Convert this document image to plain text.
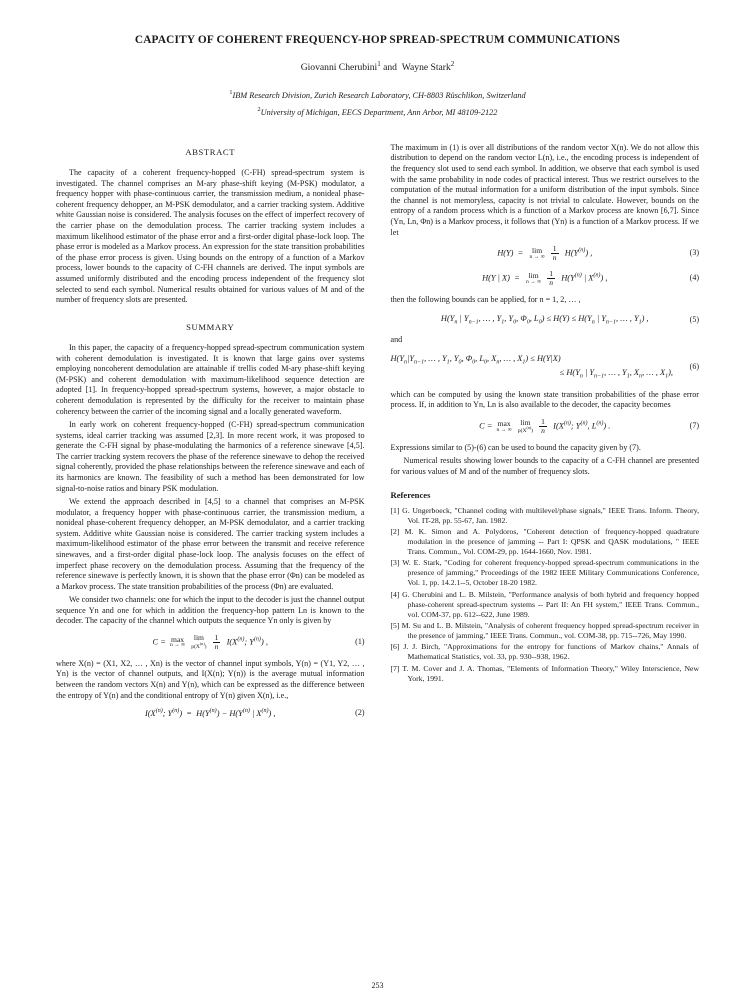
CAPACITY OF COHERENT FREQUENCY-HOP SPREAD-SPECTRUM COMMUNICATIONS
Giovanni Cherubini$^1$ and  Wayne Stark$^2$
$^1$IBM Research Division, Zurich Research Laboratory, CH-8803 Rüschlikon, Switzerland
$^2$University of Michigan, EECS Department, Ann Arbor, MI 48109-2122
ABSTRACT

The capacity of a coherent frequency-hopped (C-FH) spread-spectrum system is investigated. The channel comprises an M-ary phase-shift keying (M-PSK) modulator, a frequency hopper with phase-continuous carrier, the transmission medium, a nonideal phase-coherent frequency dehopper, an M-PSK demodulator, and a carrier tracking system. Additive white Gaussian noise is considered. The analysis focuses on the effect of imperfect recovery of the carrier phase on the demodulation process. The carrier tracking system includes a maximum likelihood estimator of the phase error and a first-order digital phase-lock loop. The phase error is modeled as a Markov process. An expression for the state transition probabilities of the phase error process is given. Using bounds on the entropy of a function of a Markov process, lower bounds to the capacity of C-FH channels are derived. The input symbols are assumed uniformly distributed and the encoding process independent of the frequency slot selected to send each symbol. Numerical results obtained for various values of M and of the number of frequency slots are presented.

SUMMARY

In this paper, the capacity of a frequency-hopped spread-spectrum communication system with coherent demodulation is investigated. It is known that large gains over systems employing noncoherent demodulation are attainable if trellis coded M-ary phase-shift keying (M-PSK) and coherent demodulation with maximum-likelihood sequence detection are adopted [1]. In frequency-hopped spread-spectrum systems, however, a major obstacle to coherent demodulation is represented by the difficulty for the receiver to maintain phase coherency between the carrier of the incoming signal and a locally generated waveform.

In early work on coherent frequency-hopped (C-FH) spread-spectrum communication systems, ideal carrier tracking was assumed [2,3]. In more recent work, it was proposed to generate the C-FH signal by phase-modulating the harmonics of a reference sinewave [4,5]. The carrier tracking system recovers the phase of the reference sinewave to dehop the received signal coherently, provided the phase relationships between the reference sinewave and each of its harmonics are known. The feasibility of such a method has been demonstrated for low signal-to-noise ratios and binary PSK modulation.

We extend the approach described in [4,5] to a channel that comprises an M-PSK modulator, a frequency hopper with phase-continuous carrier, the transmission medium, a nonideal phase-coherent frequency dehopper, an M-PSK demodulator, and a carrier tracking system. Additive white Gaussian noise is considered. The carrier tracking system includes a maximum-likelihood estimator of the phase error between the transmit and receive reference sinewaves, and a first-order digital phase-lock loop. The analysis focuses on the effect of imperfect phase recovery on the demodulation process. Assuming that the frequency of the reference sinewave is perfectly known, it is shown that the phase error (Φn) can be modeled as a Markov process. The state transition probabilities of the process (Φn) are evaluated.

We consider two channels: one for which the input to the decoder is just the channel output sequence Yn and one for which in addition the frequency-hop pattern Ln is known to the decoder. The capacity of the channel which outputs the sequence Yn only is given by

C = max
n → ∞

lim
$p(X^{(n)})$
$\frac{1}{n} I(X^{(n)}$; $Y^{(n)}$) ,	(1)

where X(n) = (X1, X2, … , Xn) is the vector of channel input symbols, Y(n) = (Y1, Y2, … , Yn) is the vector of channel outputs, and I(X(n); Y(n)) is the average mutual information between the random vectors X(n) and Y(n), which can be expressed as the difference between the entropy of Y(n) and the conditional entropy of Y(n) given X(n), i.e.,

$I(X^{(n)}$; $Y^{(n)}) = H(Y^{(n)}) - H(Y^{(n)}$ | $X^{(n)}$) ,	(2)

The maximum in (1) is over all distributions of the random vector X(n). We do not allow this distribution to depend on the random vector L(n), i.e., the encoding process is independent of the frequency slot used to send each symbol. In addition, we observe that each symbol is used with the same probability in node codes of practical interest. Thus we restrict ourselves to the computation of the mutual information for a uniform distribution of the input symbols. Since the channel is not memoryless, capacity is not trivial to calculate. However, bounds on the entropy of a random process which is a function of a Markov process are known [6,7]. Since (Yn, Ln, Φn) is a Markov process, it follows that (Yn) is a function of a Markov process. If we let

H(Y)  = lim
n → ∞
$\frac{1}{n} H(Y^{(n)})$ ,	(3)
H(Y | X)  = lim
n → ∞
$\frac{1}{n} H(Y^{(n)}$ | $X^{(n)}$) ,	(4)

then the following bounds can be applied, for n = 1, 2, … ,

$H(Y_n$ | $Y_{n-1}$, … , $Y_1$, $Y_0$, $\Phi_0$, $L_0) \le H(Y) \le H(Y_n$ | $Y_{n-1}$, … , $Y_1$) ,	(5)

and

$H(Y_n|Y_{n-1}$, … , $Y_1$, $Y_0$, $\Phi_0$, $L_0$, $X_n$, … , $X_1) \le H(Y|X)$
≤ $H(Y_n$ | $Y_{n-1}$, … , $Y_1$, $X_n$, … , $X_1$),
(6)

which can be computed by using the known state transition probabilities of the phase error process. If, in addition to Yn, Ln is also available to the decoder, the capacity becomes

C = max
n → ∞

lim
$p(X^{(n)})$
$\frac{1}{n} I(X^{(n)}$; $Y^{(n)}$, $L^{(n)}$) .	(7)

Expressions similar to (5)-(6) can be used to bound the capacity given by (7).

Numerical results showing lower bounds to the capacity of a C-FH channel are presented for various values of M and of the number of frequency slots.

References
[1] G. Ungerboeck, "Channel coding with multilevel/phase signals," IEEE Trans. Inform. Theory, Vol. IT-28, pp. 55-67, Jan. 1982.
[2] M. K. Simon and A. Polydoros, "Coherent detection of frequency-hopped quadrature modulation in the presence of jamming -- Part I: QPSK and QASK modulations, " IEEE Trans. Commun., Vol. COM-29, pp. 1644-1660, Nov. 1981.
[3] W. E. Stark, "Coding for coherent frequency-hopped spread-spectrum communications in the presence of jamming," Proceedings of the 1982 IEEE Military Communications Conference, Vol. 1, pp. 14.2.1--5, October 18-20 1982.
[4] G. Cherubini and L. B. Milstein, "Performance analysis of both hybrid and frequency hopped phase-coherent spread-spectrum systems -- Part II: An FH system," IEEE Trans. Commun., vol. COM-37, pp. 612--622, June 1989.
[5] M. Su and L. B. Milstein, "Analysis of coherent frequency hopped spread-spectrum receiver in the presence of jamming," IEEE Trans. Commun., vol. COM-38, pp. 715--726, May 1990.
[6] J. J. Birch, "Approximations for the entropy for functions of Markov chains," Annals of Mathematical Statistics, vol. 33, pp. 930--938, 1962.
[7] T. M. Cover and J. A. Thomas, "Elements of Information Theory," Wiley Interscience, New York, 1991.
253
